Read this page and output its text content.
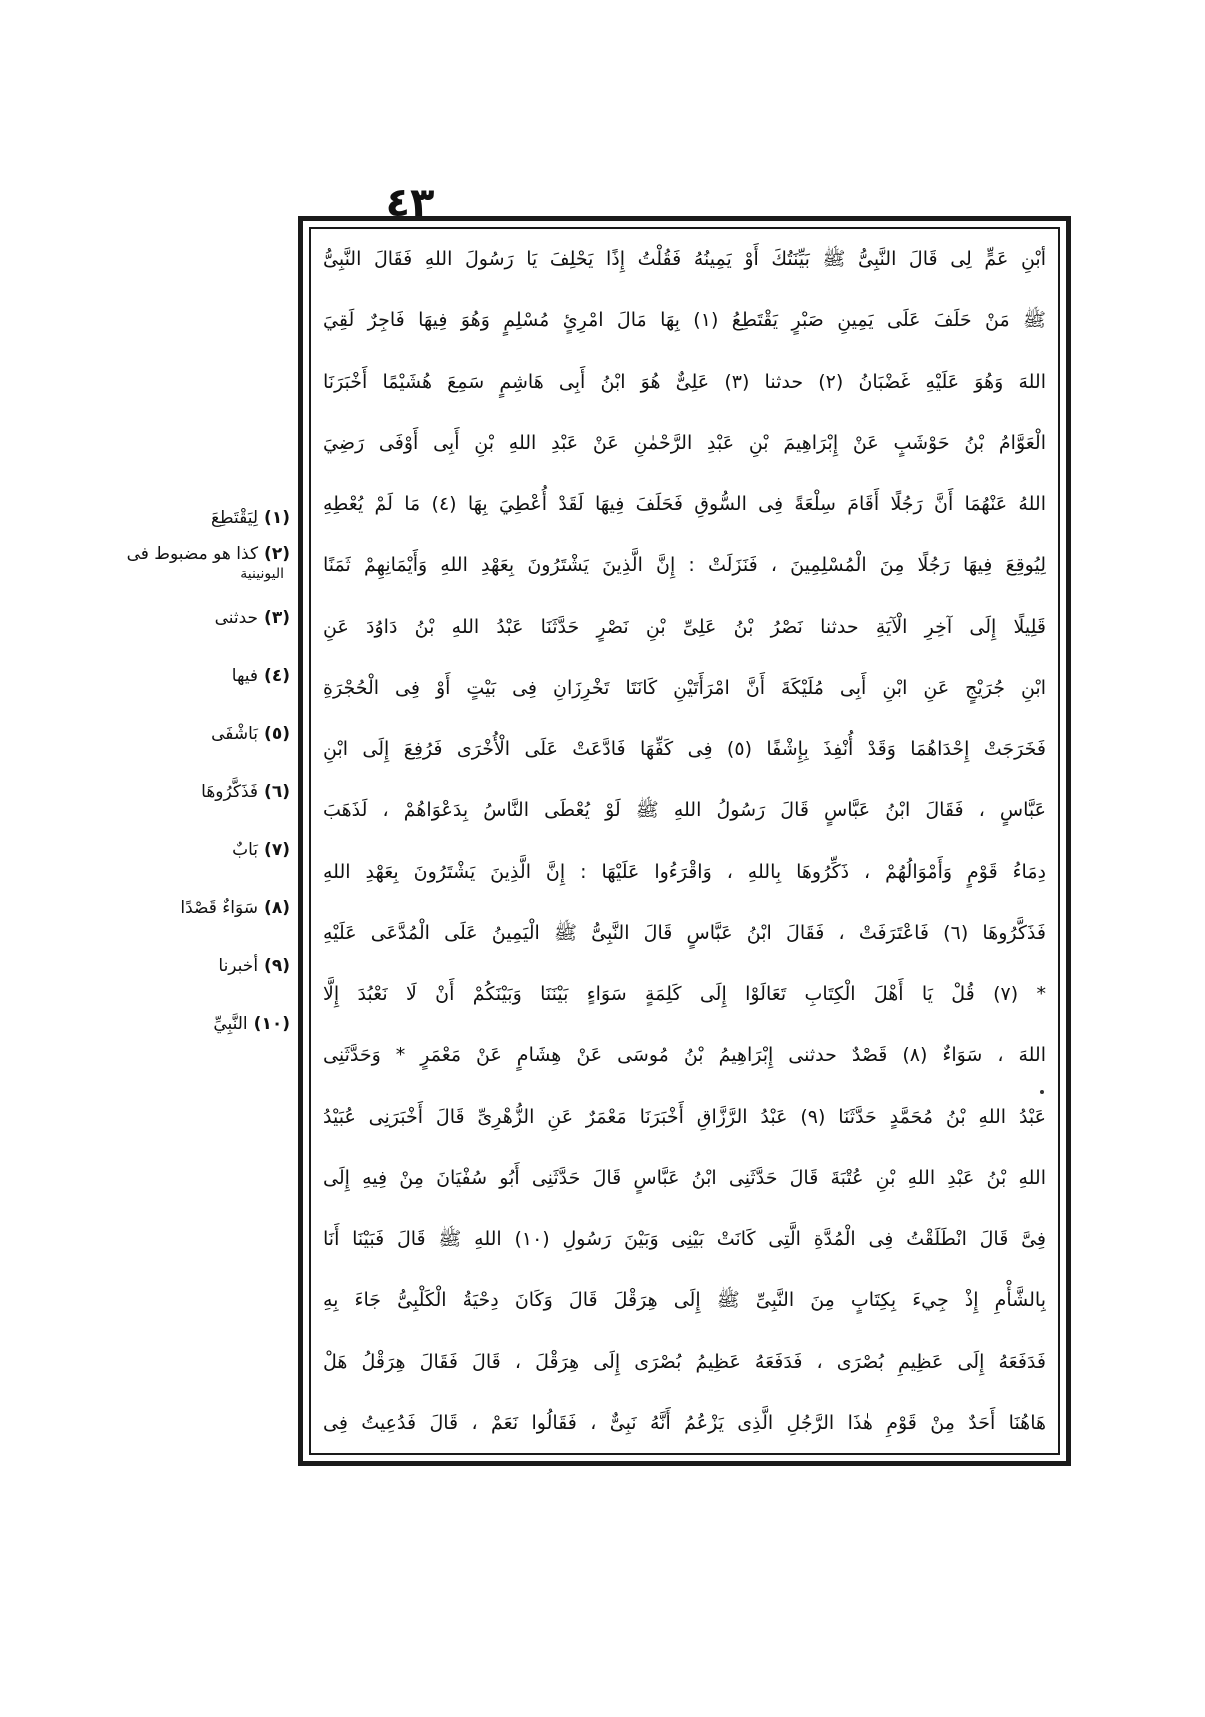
٤٣
أبْنِ عَمٍّ لِى قَالَ النَّبِىُّ ﷺ بَيِّنَتُكَ أَوْ يَمِينُهُ فَقُلْتُ إِذًا يَحْلِفَ يَا رَسُولَ اللهِ فَقَالَ النَّبِىُّ
ﷺ مَنْ حَلَفَ عَلَى يَمِينِ صَبْرٍ يَقْتَطِعُ (١) بِهَا مَالَ امْرِئٍ مُسْلِمٍ وَهُوَ فِيهَا فَاجِرٌ لَقِيَ
اللهَ وَهُوَ عَلَيْهِ غَضْبَانُ (٢) حدثنا (٣) عَلِىٌّ هُوَ ابْنُ أَبِى هَاشِمٍ سَمِعَ هُشَيْمًا أَخْبَرَنَا
الْعَوَّامُ بْنُ حَوْشَبٍ عَنْ إِبْرَاهِيمَ بْنِ عَبْدِ الرَّحْمٰنِ عَنْ عَبْدِ اللهِ بْنِ أَبِى أَوْفَى رَضِيَ
اللهُ عَنْهُمَا أَنَّ رَجُلًا أَقَامَ سِلْعَةً فِى السُّوقِ فَحَلَفَ فِيهَا لَقَدْ أُعْطِيَ بِهَا (٤) مَا لَمْ يُعْطِهِ
لِيُوقِعَ فِيهَا رَجُلًا مِنَ الْمُسْلِمِينَ ، فَنَزَلَتْ : إِنَّ الَّذِينَ يَشْتَرُونَ بِعَهْدِ اللهِ وَأَيْمَانِهِمْ ثَمَنًا
قَلِيلًا إِلَى آخِرِ الْآيَةِ حدثنا نَصْرُ بْنُ عَلِىِّ بْنِ نَصْرٍ حَدَّثَنَا عَبْدُ اللهِ بْنُ دَاوُدَ عَنِ
ابْنِ جُرَيْجٍ عَنِ ابْنِ أَبِى مُلَيْكَةَ أَنَّ امْرَأَتَيْنِ كَانَتَا تَخْرِزَانِ فِى بَيْتٍ أَوْ فِى الْحُجْرَةِ
فَخَرَجَتْ إِحْدَاهُمَا وَقَدْ أُنْفِذَ بِإِشْفًا (٥) فِى كَفِّهَا فَادَّعَتْ عَلَى الْأُخْرَى فَرُفِعَ إِلَى ابْنِ
عَبَّاسٍ ، فَقَالَ ابْنُ عَبَّاسٍ قَالَ رَسُولُ اللهِ ﷺ لَوْ يُعْطَى النَّاسُ بِدَعْوَاهُمْ ، لَذَهَبَ
دِمَاءُ قَوْمٍ وَأَمْوَالُهُمْ ، ذَكِّرُوهَا بِاللهِ ، وَاقْرَءُوا عَلَيْهَا : إِنَّ الَّذِينَ يَشْتَرُونَ بِعَهْدِ اللهِ
فَذَكَّرُوهَا (٦) فَاعْتَرَفَتْ ، فَقَالَ ابْنُ عَبَّاسٍ قَالَ النَّبِىُّ ﷺ الْيَمِينُ عَلَى الْمُدَّعَى عَلَيْهِ
* (٧) قُلْ يَا أَهْلَ الْكِتَابِ تَعَالَوْا إِلَى كَلِمَةٍ سَوَاءٍ بَيْنَنَا وَبَيْنَكُمْ أَنْ لَا نَعْبُدَ إِلَّا
اللهَ ، سَوَاءٌ (٨) قَصْدٌ حدثنى إِبْرَاهِيمُ بْنُ مُوسَى عَنْ هِشَامٍ عَنْ مَعْمَرٍ * وَحَدَّثَنِى
عَبْدُ اللهِ بْنُ مُحَمَّدٍ حَدَّثَنَا (٩) عَبْدُ الرَّزَّاقِ أَخْبَرَنَا مَعْمَرٌ عَنِ الزُّهْرِىِّ قَالَ أَخْبَرَنِى عُبَيْدُ
اللهِ بْنُ عَبْدِ اللهِ بْنِ عُتْبَةَ قَالَ حَدَّثَنِى ابْنُ عَبَّاسٍ قَالَ حَدَّثَنِى أَبُو سُفْيَانَ مِنْ فِيهِ إِلَى
فِىَّ قَالَ انْطَلَقْتُ فِى الْمُدَّةِ الَّتِى كَانَتْ بَيْنِى وَبَيْنَ رَسُولِ (١٠) اللهِ ﷺ قَالَ فَبَيْنَا أَنَا
بِالشَّأْمِ إِذْ جِيءَ بِكِتَابٍ مِنَ النَّبِىِّ ﷺ إِلَى هِرَقْلَ قَالَ وَكَانَ دِحْيَةُ الْكَلْبِىُّ جَاءَ بِهِ
فَدَفَعَهُ إِلَى عَظِيمِ بُصْرَى ، فَدَفَعَهُ عَظِيمُ بُصْرَى إِلَى هِرَقْلَ ، قَالَ فَقَالَ هِرَقْلُ هَلْ
هَاهُنَا أَحَدٌ مِنْ قَوْمِ هٰذَا الرَّجُلِ الَّذِى يَزْعُمُ أَنَّهُ نَبِىٌّ ، فَقَالُوا نَعَمْ ، قَالَ فَدُعِيتُ فِى
(١)
لِيَقْتَطِعَ
(٢)
كذا هو مضبوط فى
اليونينية
(٣)
حدثنى
(٤)
فيها
(٥)
بَاشْفَى
(٦)
فَذَكَّرُوهَا
(٧)
بَابٌ
(٨)
سَوَاءٌ قَصْدًا
(٩)
أخبرنا
(١٠)
النَّبِيِّ
